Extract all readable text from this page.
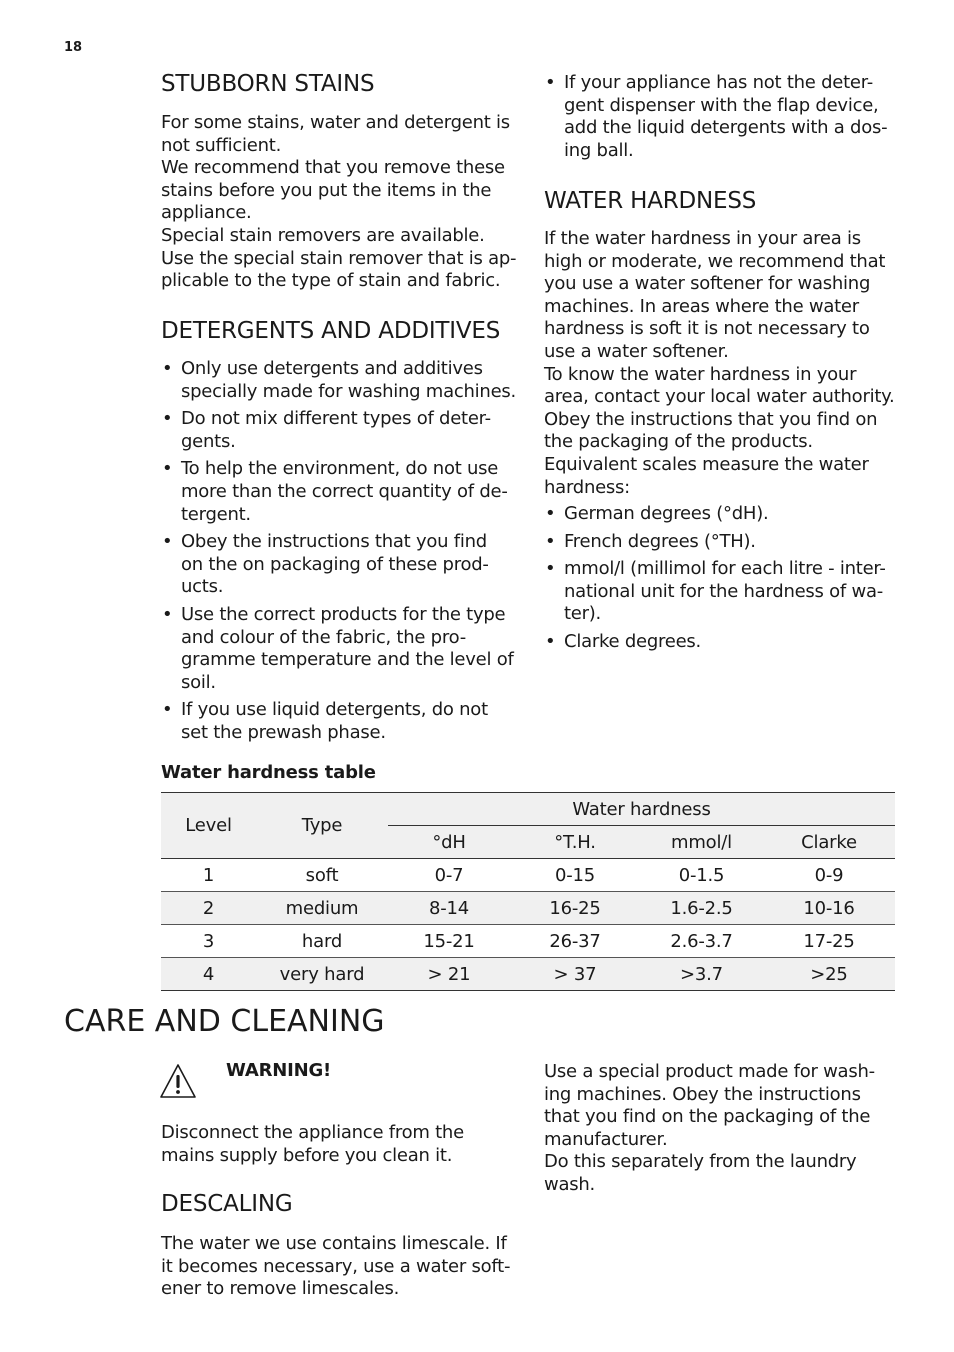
18
STUBBORN STAINS
For some stains, water and detergent is
not sufficient.
We recommend that you remove these
stains before you put the items in the
appliance.
Special stain removers are available.
Use the special stain remover that is ap-
plicable to the type of stain and fabric.
DETERGENTS AND ADDITIVES
• Only use detergents and additives
specially made for washing machines.
• Do not mix different types of deter-
gents.
• To help the environment, do not use
more than the correct quantity of de-
tergent.
• Obey the instructions that you find
on the on packaging of these prod-
ucts.
• Use the correct products for the type
and colour of the fabric, the pro-
gramme temperature and the level of
soil.
• If you use liquid detergents, do not
set the prewash phase.
• If your appliance has not the deter-
gent dispenser with the flap device,
add the liquid detergents with a dos-
ing ball.
WATER HARDNESS
If the water hardness in your area is
high or moderate, we recommend that
you use a water softener for washing
machines. In areas where the water
hardness is soft it is not necessary to
use a water softener.
To know the water hardness in your
area, contact your local water authority.
Obey the instructions that you find on
the packaging of the products.
Equivalent scales measure the water
hardness:
• German degrees (°dH).
• French degrees (°TH).
• mmol/l (millimol for each litre - inter-
national unit for the hardness of wa-
ter).
• Clarke degrees.
Water hardness table
Level	Type	Water hardness			
		°dH	°T.H.	mmol/l	Clarke
1	soft	0-7	0-15	0-1.5	0-9
2	medium	8-14	16-25	1.6-2.5	10-16
3	hard	15-21	26-37	2.6-3.7	17-25
4	very hard	> 21	> 37	>3.7	>25
CARE AND CLEANING
WARNING!
Disconnect the appliance from the
mains supply before you clean it.
DESCALING
The water we use contains limescale. If
it becomes necessary, use a water soft-
ener to remove limescales.
Use a special product made for wash-
ing machines. Obey the instructions
that you find on the packaging of the
manufacturer.
Do this separately from the laundry
wash.
